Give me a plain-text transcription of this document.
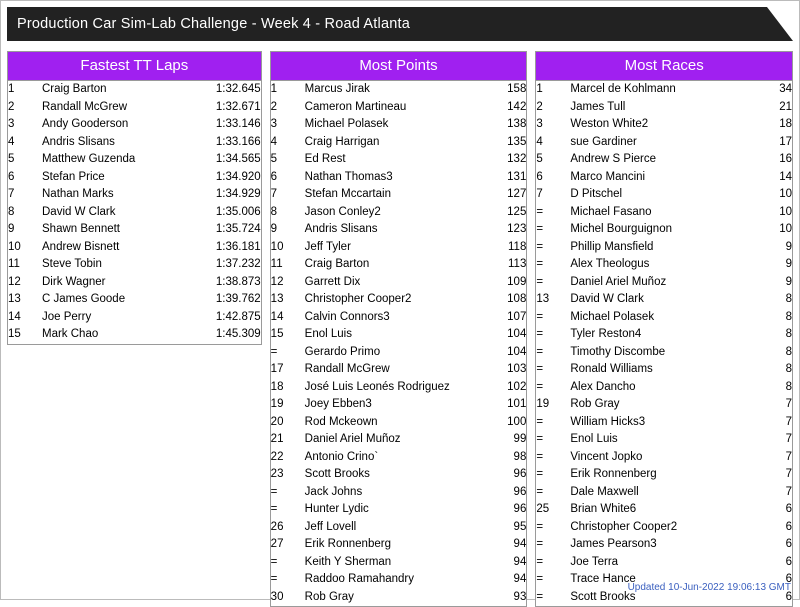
Production Car Sim-Lab Challenge - Week 4 - Road Atlanta
Fastest TT Laps
1	Craig Barton	1:32.645
2	Randall McGrew	1:32.671
3	Andy Gooderson	1:33.146
4	Andris Slisans	1:33.166
5	Matthew Guzenda	1:34.565
6	Stefan Price	1:34.920
7	Nathan Marks	1:34.929
8	David W Clark	1:35.006
9	Shawn Bennett	1:35.724
10	Andrew Bisnett	1:36.181
11	Steve Tobin	1:37.232
12	Dirk Wagner	1:38.873
13	C James Goode	1:39.762
14	Joe Perry	1:42.875
15	Mark Chao	1:45.309
Most Points
1	Marcus Jirak	158
2	Cameron Martineau	142
3	Michael Polasek	138
4	Craig Harrigan	135
5	Ed Rest	132
6	Nathan Thomas3	131
7	Stefan Mccartain	127
8	Jason Conley2	125
9	Andris Slisans	123
10	Jeff Tyler	118
11	Craig Barton	113
12	Garrett Dix	109
13	Christopher Cooper2	108
14	Calvin Connors3	107
15	Enol Luis	104
=	Gerardo Primo	104
17	Randall McGrew	103
18	José Luis Leonés Rodriguez	102
19	Joey Ebben3	101
20	Rod Mckeown	100
21	Daniel Ariel Muñoz	99
22	Antonio Crino`	98
23	Scott Brooks	96
=	Jack Johns	96
=	Hunter Lydic	96
26	Jeff Lovell	95
27	Erik Ronnenberg	94
=	Keith Y Sherman	94
=	Raddoo Ramahandry	94
30	Rob Gray	93
Most Races
1	Marcel de Kohlmann	34
2	James Tull	21
3	Weston White2	18
4	sue Gardiner	17
5	Andrew S Pierce	16
6	Marco Mancini	14
7	D Pitschel	10
=	Michael Fasano	10
=	Michel Bourguignon	10
=	Phillip Mansfield	9
=	Alex Theologus	9
=	Daniel Ariel Muñoz	9
13	David W Clark	8
=	Michael Polasek	8
=	Tyler Reston4	8
=	Timothy Discombe	8
=	Ronald Williams	8
=	Alex Dancho	8
19	Rob Gray	7
=	William Hicks3	7
=	Enol Luis	7
=	Vincent Jopko	7
=	Erik Ronnenberg	7
=	Dale Maxwell	7
25	Brian White6	6
=	Christopher Cooper2	6
=	James Pearson3	6
=	Joe Terra	6
=	Trace Hance	6
=	Scott Brooks	6
Updated 10-Jun-2022 19:06:13 GMT
